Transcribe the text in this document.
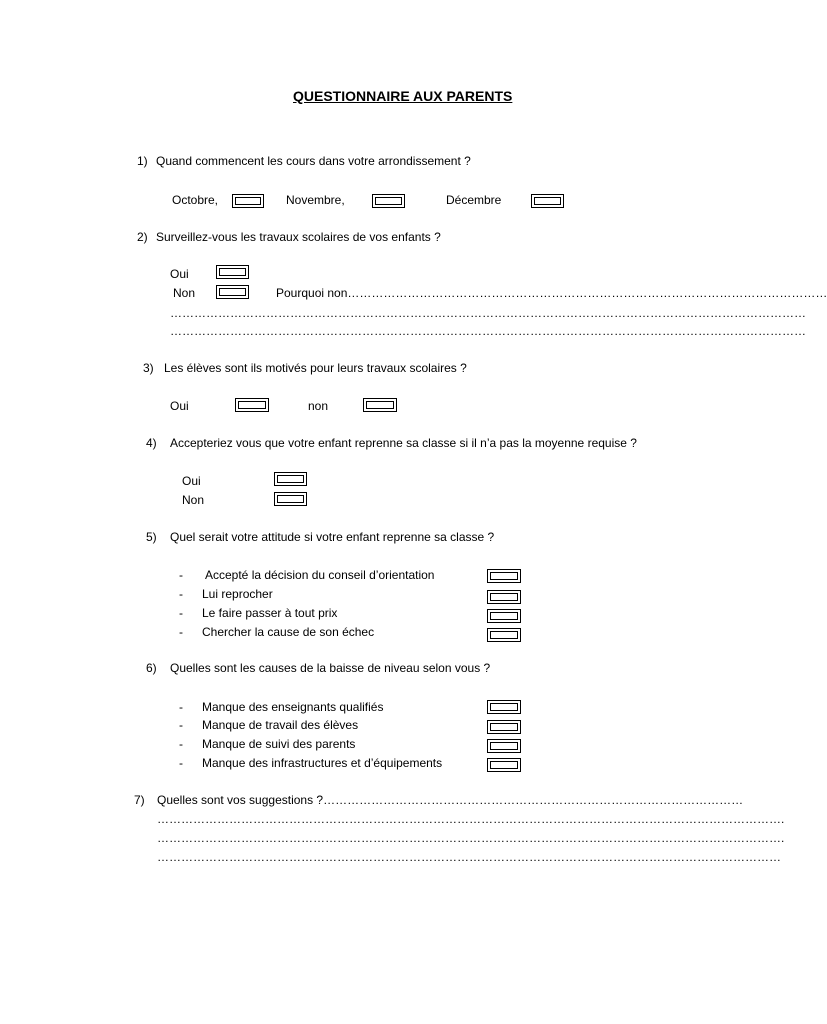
QUESTIONNAIRE AUX PARENTS
1) Quand commencent les cours dans votre arrondissement ?
Octobre,	Novembre,	Décembre
2) Surveillez-vous les travaux scolaires de vos enfants ?
Oui
Non	Pourquoi non…………………………………………………………………………………………………………
……………………………………………………………………………………………………………………………………………
……………………………………………………………………………………………………………………………………………
3) Les élèves sont ils motivés pour leurs travaux scolaires ?
Oui	non
4) Accepteriez vous que votre enfant reprenne sa classe si il n’a pas la moyenne requise ?
Oui
Non
5) Quel serait votre attitude si votre enfant reprenne sa classe ?
- Accepté la décision du conseil d’orientation
- Lui reprocher
- Le faire passer à tout prix
- Chercher la cause de son échec
6) Quelles sont les causes de la baisse de niveau selon vous ?
- Manque des enseignants qualifiés
- Manque de travail des élèves
- Manque de suivi des parents
- Manque des infrastructures et d’équipements
7) Quelles sont vos suggestions ?……………………………………………………………………………………………
………………………………………………………………………………………………………………………………………….
………………………………………………………………………………………………………………………………………….
…………………………………………………………………………………………………………………………………………
